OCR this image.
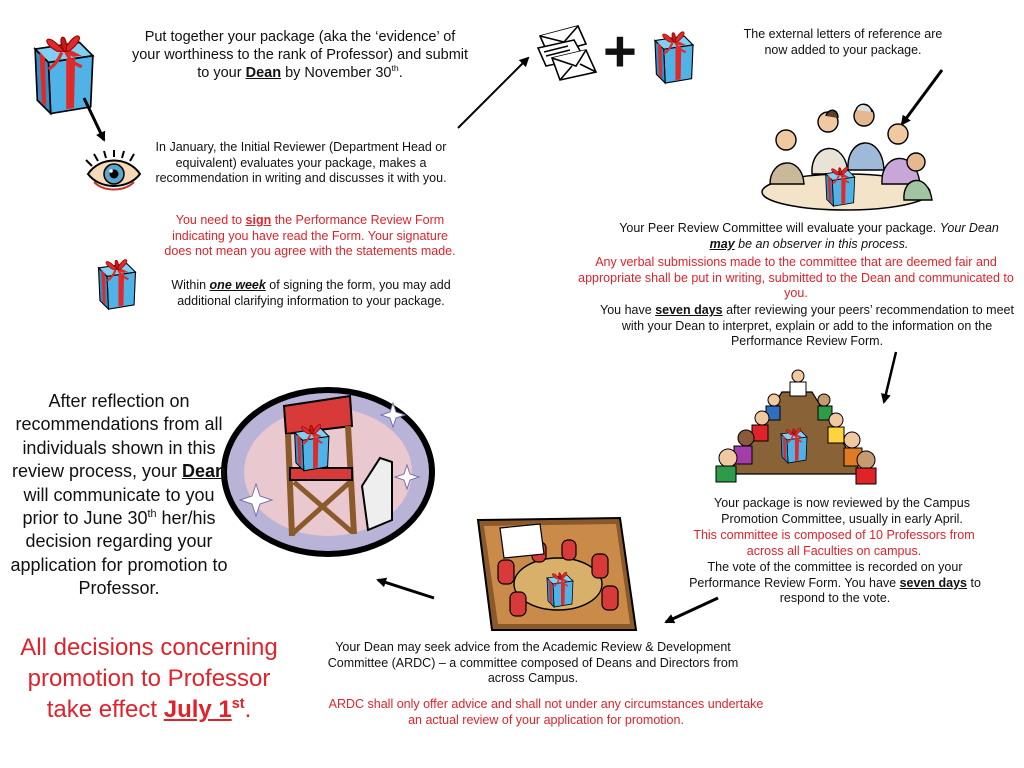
Put together your package (aka the ‘evidence’ of your worthiness to the rank of Professor) and submit to your Dean by November 30th.
In January, the Initial Reviewer (Department Head or equivalent) evaluates your package, makes a recommendation in writing and discusses it with you.
You need to sign the Performance Review Form indicating you have read the Form. Your signature does not mean you agree with the statements made.
Within one week of signing the form, you may add additional clarifying information to your package.
+	The external letters of reference are now added to your package.
Your Peer Review Committee will evaluate your package. Your Dean may be an observer in this process.
Any verbal submissions made to the committee that are deemed fair and appropriate shall be put in writing, submitted to the Dean and communicated to you.
You have seven days after reviewing your peers’ recommendation to meet with your Dean to interpret, explain or add to the information on the Performance Review Form.
Your package is now reviewed by the Campus Promotion Committee, usually in early April.
This committee is composed of 10 Professors from across all Faculties on campus.
The vote of the committee is recorded on your Performance Review Form. You have seven days to respond to the vote.
Your Dean may seek advice from the Academic Review & Development Committee (ARDC) – a committee composed of Deans and Directors from across Campus.
ARDC shall only offer advice and shall not under any circumstances undertake an actual review of your application for promotion.
After reflection on recommendations from all individuals shown in this review process, your Dean will communicate to you prior to June 30th her/his decision regarding your application for promotion to Professor.
All decisions concerning promotion to Professor take effect July 1st.
